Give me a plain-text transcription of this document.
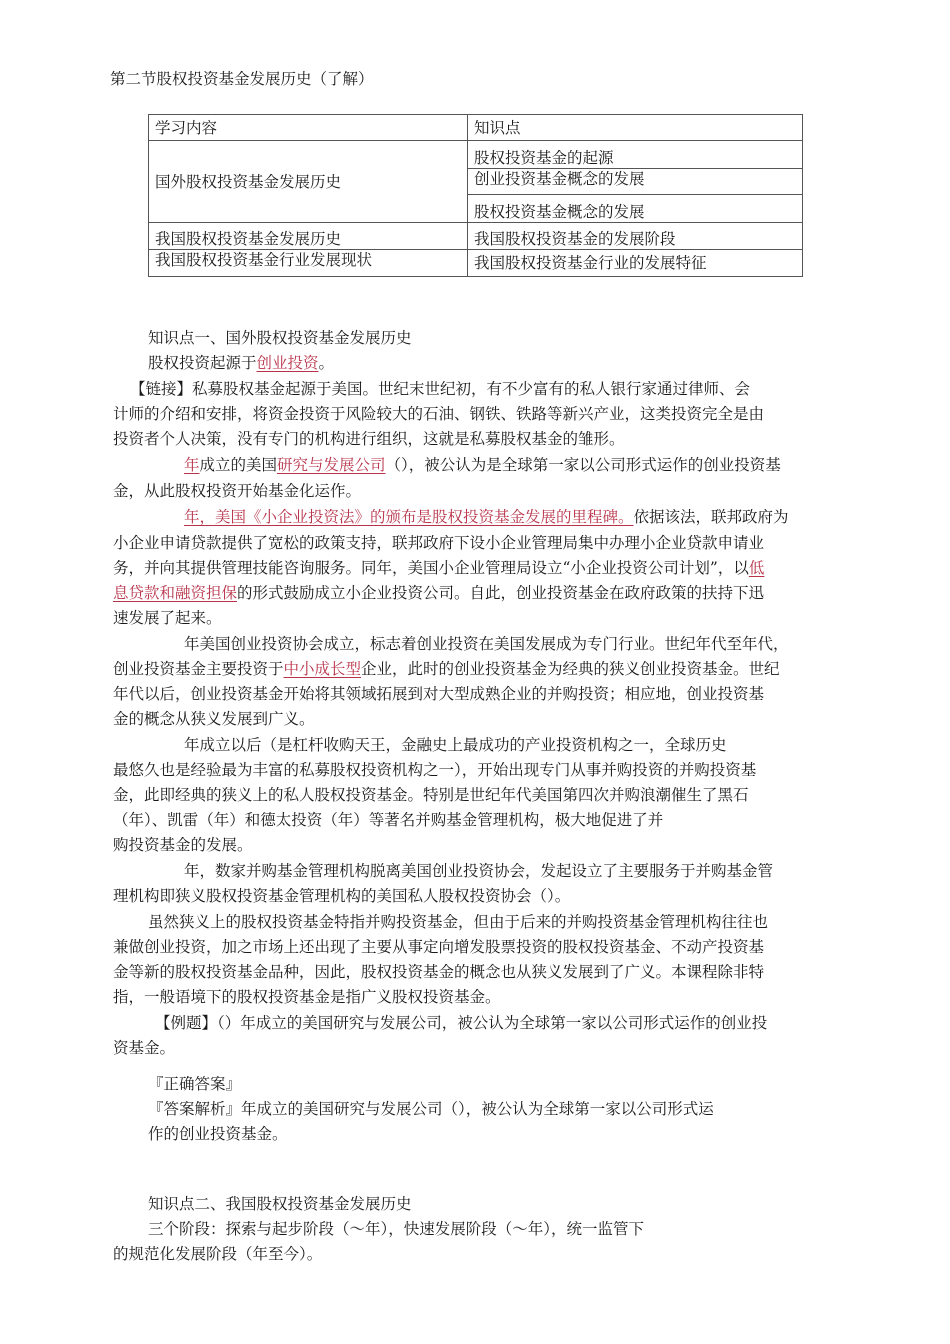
第二节股权投资基金发展历史（了解）
学习内容	知识点
国外股权投资基金发展历史	股权投资基金的起源
	创业投资基金概念的发展
	股权投资基金概念的发展
我国股权投资基金发展历史	我国股权投资基金的发展阶段
我国股权投资基金行业发展现状	我国股权投资基金行业的发展特征
知识点一、国外股权投资基金发展历史
股权投资起源于创业投资。
【链接】私募股权基金起源于美国。世纪末世纪初，有不少富有的私人银行家通过律师、会
计师的介绍和安排，将资金投资于风险较大的石油、钢铁、铁路等新兴产业，这类投资完全是由
投资者个人决策，没有专门的机构进行组织，这就是私募股权基金的雏形。
年成立的美国研究与发展公司（），被公认为是全球第一家以公司形式运作的创业投资基
金，从此股权投资开始基金化运作。
年，美国《小企业投资法》的颁布是股权投资基金发展的里程碑。依据该法，联邦政府为
小企业申请贷款提供了宽松的政策支持，联邦政府下设小企业管理局集中办理小企业贷款申请业
务，并向其提供管理技能咨询服务。同年，美国小企业管理局设立“小企业投资公司计划”，以低
息贷款和融资担保的形式鼓励成立小企业投资公司。自此，创业投资基金在政府政策的扶持下迅
速发展了起来。
年美国创业投资协会成立，标志着创业投资在美国发展成为专门行业。世纪年代至年代，
创业投资基金主要投资于中小成长型企业，此时的创业投资基金为经典的狭义创业投资基金。世纪
年代以后，创业投资基金开始将其领域拓展到对大型成熟企业的并购投资；相应地，创业投资基
金的概念从狭义发展到广义。
年成立以后（是杠杆收购天王，金融史上最成功的产业投资机构之一，全球历史
最悠久也是经验最为丰富的私募股权投资机构之一），开始出现专门从事并购投资的并购投资基
金，此即经典的狭义上的私人股权投资基金。特别是世纪年代美国第四次并购浪潮催生了黑石
（年）、凯雷（年）和德太投资（年）等著名并购基金管理机构，极大地促进了并
购投资基金的发展。
年，数家并购基金管理机构脱离美国创业投资协会，发起设立了主要服务于并购基金管
理机构即狭义股权投资基金管理机构的美国私人股权投资协会（）。
虽然狭义上的股权投资基金特指并购投资基金，但由于后来的并购投资基金管理机构往往也
兼做创业投资，加之市场上还出现了主要从事定向增发股票投资的股权投资基金、不动产投资基
金等新的股权投资基金品种，因此，股权投资基金的概念也从狭义发展到了广义。本课程除非特
指，一般语境下的股权投资基金是指广义股权投资基金。
【例题】（）年成立的美国研究与发展公司，被公认为全球第一家以公司形式运作的创业投
资基金。
『正确答案』
『答案解析』年成立的美国研究与发展公司（），被公认为全球第一家以公司形式运
作的创业投资基金。
知识点二、我国股权投资基金发展历史
三个阶段：探索与起步阶段（～年），快速发展阶段（～年），统一监管下
的规范化发展阶段（年至今）。
